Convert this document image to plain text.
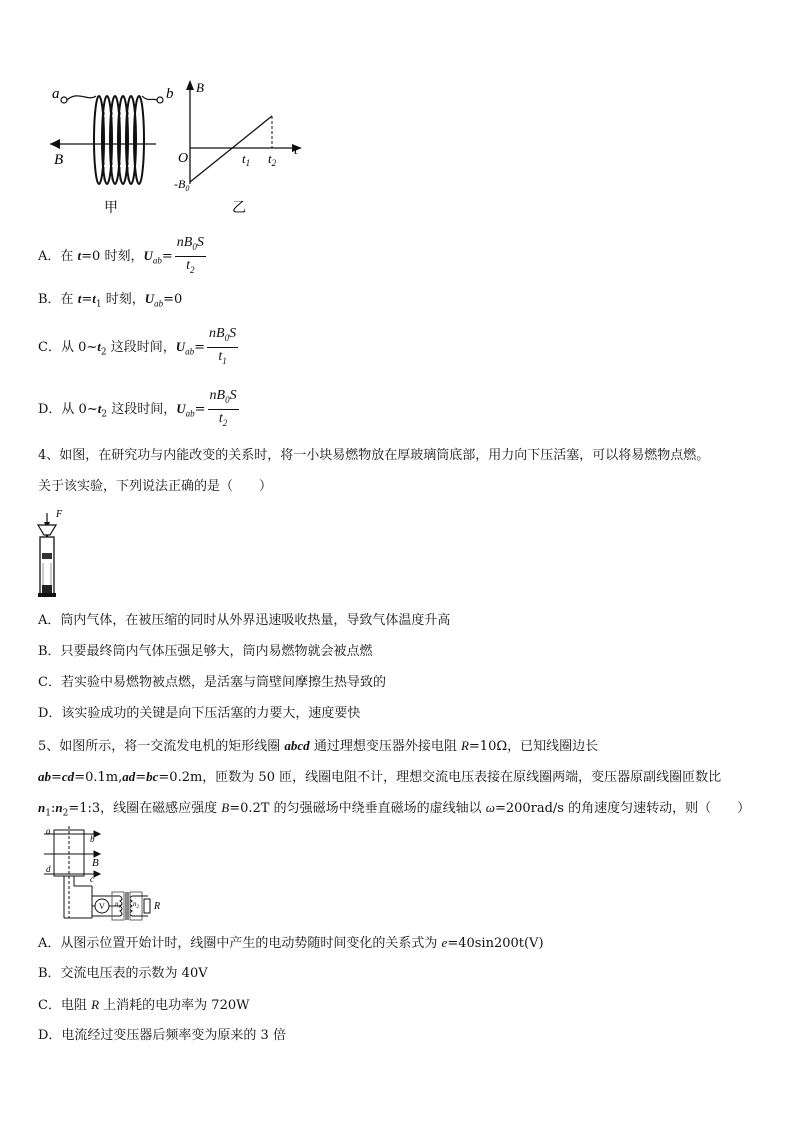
a	b
B
甲
B
t
O	$t_1$ $t_2$
$-B_0$
乙
A．在 t=0 时刻，$U_{ab}= \frac{nB_0S}{t_2}$
B．在 $t=t_1$ 时刻，$U_{ab}=0$
C．从 $0\sim t_2$ 这段时间，$U_{ab}= \frac{nB_0S}{t_1}$
D．从 $0\sim t_2$ 这段时间，$U_{ab}= \frac{nB_0S}{t_2}$
4、如图，在研究功与内能改变的关系时，将一小块易燃物放在厚玻璃筒底部，用力向下压活塞，可以将易燃物点燃。
关于该实验，下列说法正确的是（　　）
F
A．筒内气体，在被压缩的同时从外界迅速吸收热量，导致气体温度升高
B．只要最终筒内气体压强足够大，筒内易燃物就会被点燃
C．若实验中易燃物被点燃，是活塞与筒壁间摩擦生热导致的
D．该实验成功的关键是向下压活塞的力要大，速度要快
5、如图所示，将一交流发电机的矩形线圈 abcd 通过理想变压器外接电阻 R=10Ω，已知线圈边长
ab=cd=0.1m,ad=bc=0.2m，匝数为 50 匝，线圈电阻不计，理想交流电压表接在原线圈两端，变压器原副线圈匝数比
$n_1:n_2=1:3$，线圈在磁感应强度 B=0.2T 的匀强磁场中绕垂直磁场的虚线轴以 ω=200rad/s 的角速度匀速转动，则（　　）
a
b
B
d
c
V $n_1$ $n_2$ R
A．从图示位置开始计时，线圈中产生的电动势随时间变化的关系式为 e=40sin200t(V)
B．交流电压表的示数为 40V
C．电阻 R 上消耗的电功率为 720W
D．电流经过变压器后频率变为原来的 3 倍
